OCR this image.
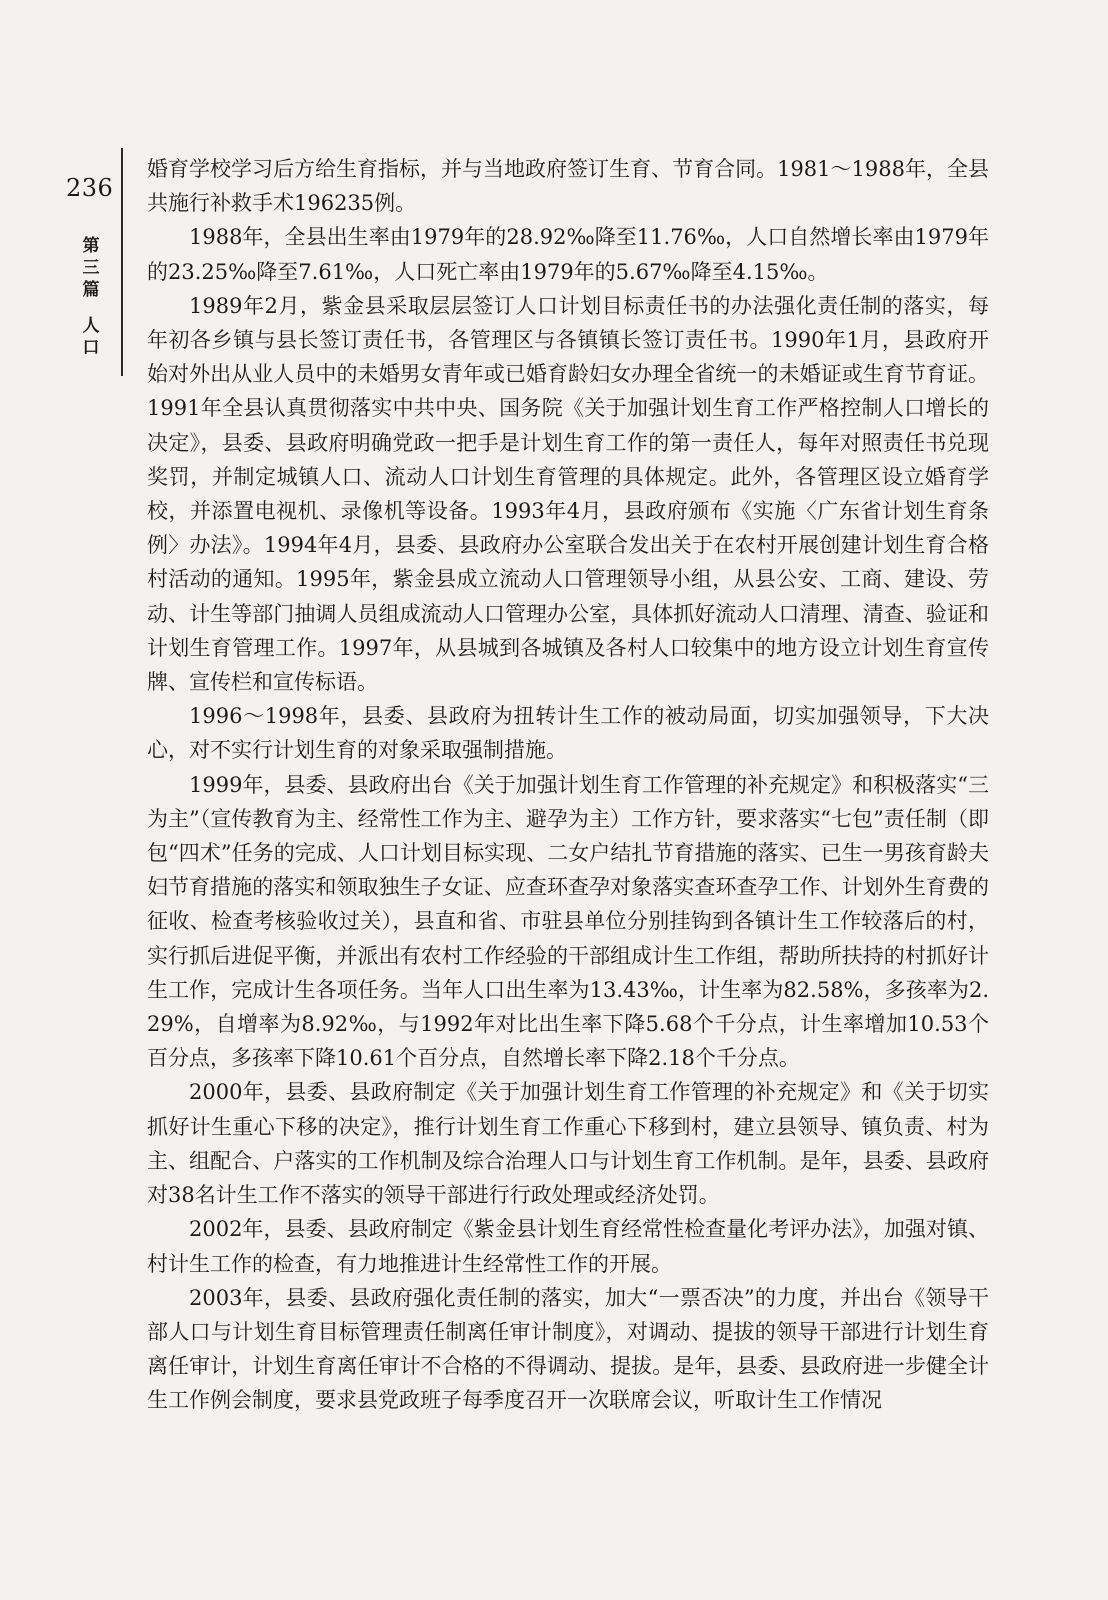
236
第
三
篇
人
口

婚育学校学习后方给生育指标，并与当地政府签订生育、节育合同。1981～1988年，全县共施行补救手术196235例。

1988年，全县出生率由1979年的28.92‰降至11.76‰，人口自然增长率由1979年的23.25‰降至7.61‰，人口死亡率由1979年的5.67‰降至4.15‰。

1989年2月，紫金县采取层层签订人口计划目标责任书的办法强化责任制的落实，每年初各乡镇与县长签订责任书，各管理区与各镇镇长签订责任书。1990年1月，县政府开始对外出从业人员中的未婚男女青年或已婚育龄妇女办理全省统一的未婚证或生育节育证。1991年全县认真贯彻落实中共中央、国务院《关于加强计划生育工作严格控制人口增长的决定》，县委、县政府明确党政一把手是计划生育工作的第一责任人，每年对照责任书兑现奖罚，并制定城镇人口、流动人口计划生育管理的具体规定。此外，各管理区设立婚育学校，并添置电视机、录像机等设备。1993年4月，县政府颁布《实施〈广东省计划生育条例〉办法》。1994年4月，县委、县政府办公室联合发出关于在农村开展创建计划生育合格村活动的通知。1995年，紫金县成立流动人口管理领导小组，从县公安、工商、建设、劳动、计生等部门抽调人员组成流动人口管理办公室，具体抓好流动人口清理、清查、验证和计划生育管理工作。1997年，从县城到各城镇及各村人口较集中的地方设立计划生育宣传牌、宣传栏和宣传标语。

1996～1998年，县委、县政府为扭转计生工作的被动局面，切实加强领导，下大决心，对不实行计划生育的对象采取强制措施。

1999年，县委、县政府出台《关于加强计划生育工作管理的补充规定》和积极落实“三为主”（宣传教育为主、经常性工作为主、避孕为主）工作方针，要求落实“七包”责任制（即包“四术”任务的完成、人口计划目标实现、二女户结扎节育措施的落实、已生一男孩育龄夫妇节育措施的落实和领取独生子女证、应查环查孕对象落实查环查孕工作、计划外生育费的征收、检查考核验收过关），县直和省、市驻县单位分别挂钩到各镇计生工作较落后的村，实行抓后进促平衡，并派出有农村工作经验的干部组成计生工作组，帮助所扶持的村抓好计生工作，完成计生各项任务。当年人口出生率为13.43‰，计生率为82.58%，多孩率为2.29%，自增率为8.92‰，与1992年对比出生率下降5.68个千分点，计生率增加10.53个百分点，多孩率下降10.61个百分点，自然增长率下降2.18个千分点。

2000年，县委、县政府制定《关于加强计划生育工作管理的补充规定》和《关于切实抓好计生重心下移的决定》，推行计划生育工作重心下移到村，建立县领导、镇负责、村为主、组配合、户落实的工作机制及综合治理人口与计划生育工作机制。是年，县委、县政府对38名计生工作不落实的领导干部进行行政处理或经济处罚。

2002年，县委、县政府制定《紫金县计划生育经常性检查量化考评办法》，加强对镇、村计生工作的检查，有力地推进计生经常性工作的开展。

2003年，县委、县政府强化责任制的落实，加大“一票否决”的力度，并出台《领导干部人口与计划生育目标管理责任制离任审计制度》，对调动、提拔的领导干部进行计划生育离任审计，计划生育离任审计不合格的不得调动、提拔。是年，县委、县政府进一步健全计生工作例会制度，要求县党政班子每季度召开一次联席会议，听取计生工作情况
